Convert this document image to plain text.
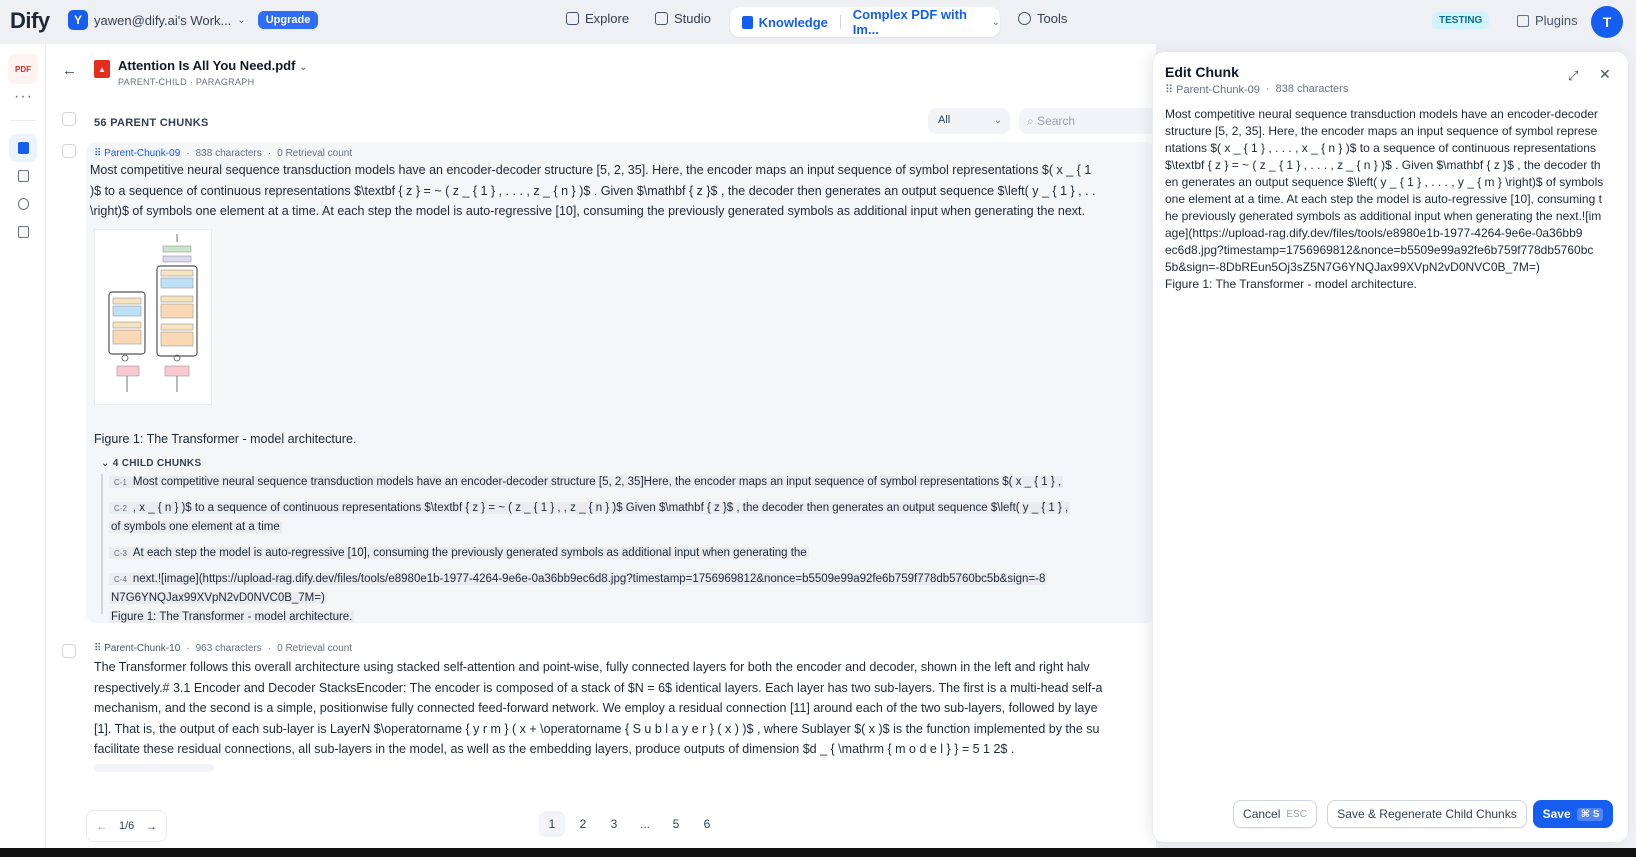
Dify	Y yawen@dify.ai's Work... ⌄	Upgrade	Explore	Studio	Knowledge Complex PDF with Im...	⌄	Tools	TESTING	Plugins	T
PDF
···
←	▲ Attention Is All You Need.pdf ⌄
PARENT-CHILD · PARAGRAPH
56 PARENT CHUNKS	All	⌄	⌕ Search
⠿ Parent-Chunk-09 · 838 characters · 0 Retrieval count
Most competitive neural sequence transduction models have an encoder-decoder structure [5, 2, 35]. Here, the encoder maps an input sequence of symbol representations $( x _ { 1
)$ to a sequence of continuous representations $\textbf { z } = ~ ( z _ { 1 } , . . . , z _ { n } )$ . Given $\mathbf { z }$ , the decoder then generates an output sequence $\left( y _ { 1 } , . .
\right)$ of symbols one element at a time. At each step the model is auto-regressive [10], consuming the previously generated symbols as additional input when generating the next.
Figure 1: The Transformer - model architecture.
⌄ 4 CHILD CHUNKS
C-1 Most competitive neural sequence transduction models have an encoder-decoder structure [5, 2, 35]Here, the encoder maps an input sequence of symbol representations $( x _ { 1 } ,
C-2 , x _ { n } )$ to a sequence of continuous representations $\textbf { z } = ~ ( z _ { 1 } , , z _ { n } )$ Given $\mathbf { z }$ , the decoder then generates an output sequence $\left( y _ { 1 } ,
of symbols one element at a time
C-3 At each step the model is auto-regressive [10], consuming the previously generated symbols as additional input when generating the
C-4 next.![image](https://upload-rag.dify.dev/files/tools/e8980e1b-1977-4264-9e6e-0a36bb9ec6d8.jpg?timestamp=1756969812&nonce=b5509e99a92fe6b759f778db5760bc5b&sign=-8
N7G6YNQJax99XVpN2vD0NVC0B_7M=)
Figure 1: The Transformer - model architecture.
⠿ Parent-Chunk-10 · 963 characters · 0 Retrieval count
The Transformer follows this overall architecture using stacked self-attention and point-wise, fully connected layers for both the encoder and decoder, shown in the left and right halv
respectively.# 3.1 Encoder and Decoder StacksEncoder: The encoder is composed of a stack of $N = 6$ identical layers. Each layer has two sub-layers. The first is a multi-head self-a
mechanism, and the second is a simple, positionwise fully connected feed-forward network. We employ a residual connection [11] around each of the two sub-layers, followed by laye
[1]. That is, the output of each sub-layer is LayerN $\operatorname { y r m } ( x + \operatorname { S u b l a y e r } ( x ) )$ , where Sublayer $( x )$ is the function implemented by the su
facilitate these residual connections, all sub-layers in the model, as well as the embedding layers, produce outputs of dimension $d _ { \mathrm { m o d e l } } = 5 1 2$ .
←	1/6 →	1	2	3	...	5	6
Edit Chunk
⠿ Parent-Chunk-09 · 838 characters
⤢ ✕
Most competitive neural sequence transduction models have an encoder-decoder
structure [5, 2, 35]. Here, the encoder maps an input sequence of symbol represe
ntations $( x _ { 1 } , . . . , x _ { n } )$ to a sequence of continuous representations
$\textbf { z } = ~ ( z _ { 1 } , . . . , z _ { n } )$ . Given $\mathbf { z }$ , the decoder th
en generates an output sequence $\left( y _ { 1 } , . . . , y _ { m } \right)$ of symbols
one element at a time. At each step the model is auto-regressive [10], consuming t
he previously generated symbols as additional input when generating the next.![im
age](https://upload-rag.dify.dev/files/tools/e8980e1b-1977-4264-9e6e-0a36bb9
ec6d8.jpg?timestamp=1756969812&nonce=b5509e99a92fe6b759f778db5760bc
5b&sign=-8DbREun5Oj3sZ5N7G6YNQJax99XVpN2vD0NVC0B_7M=)
Figure 1: The Transformer - model architecture.
Cancel ESC	Save & Regenerate Child Chunks Save	⌘ S
